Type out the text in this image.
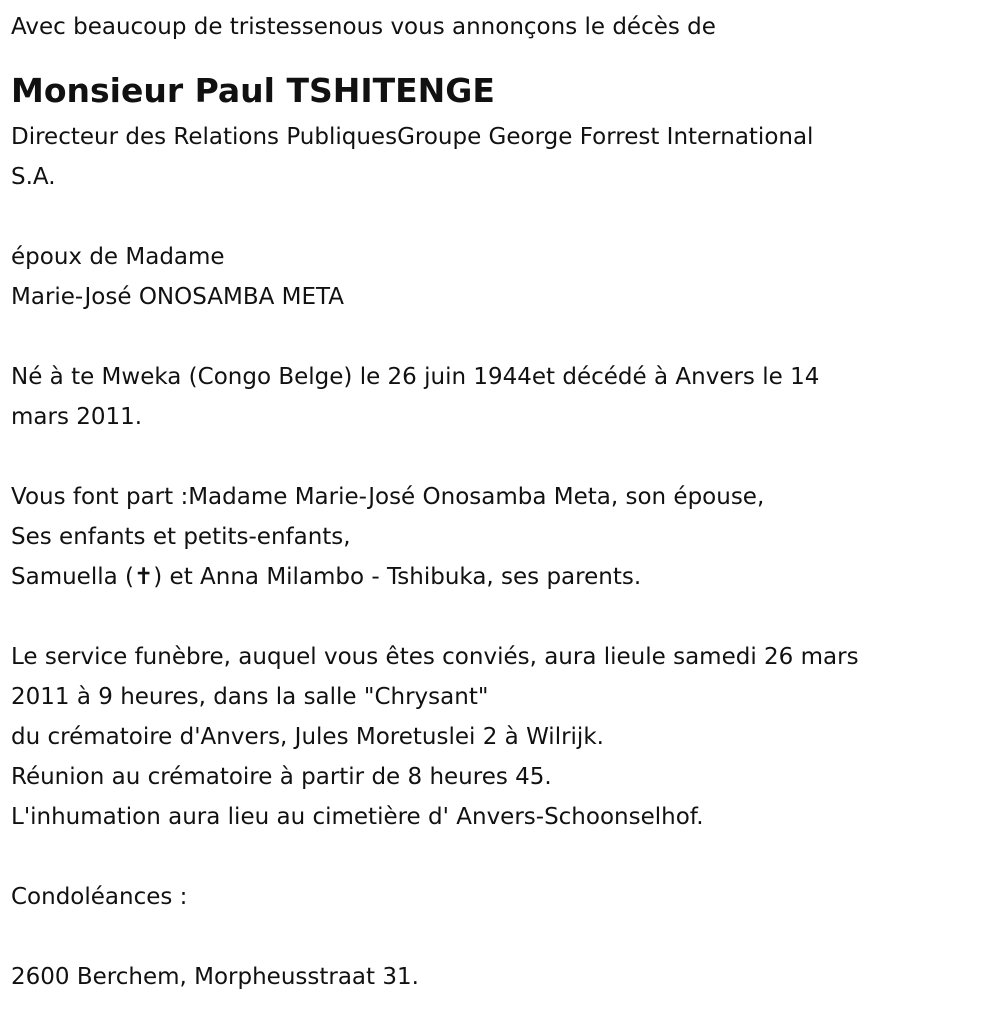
Avec beaucoup de tristessenous vous annonçons le décès de
Monsieur Paul TSHITENGE
Directeur des Relations PubliquesGroupe George Forrest International
S.A.
époux de Madame
Marie-José ONOSAMBA META
Né à te Mweka (Congo Belge) le 26 juin 1944et décédé à Anvers le 14
mars 2011.
Vous font part :Madame Marie-José Onosamba Meta, son épouse,
Ses enfants et petits-enfants,
Samuella (✝) et Anna Milambo - Tshibuka, ses parents.
Le service funèbre, auquel vous êtes conviés, aura lieule samedi 26 mars
2011 à 9 heures, dans la salle "Chrysant"
du crématoire d'Anvers, Jules Moretuslei 2 à Wilrijk.
Réunion au crématoire à partir de 8 heures 45.
L'inhumation aura lieu au cimetière d' Anvers-Schoonselhof.
Condoléances :
2600 Berchem, Morpheusstraat 31.
